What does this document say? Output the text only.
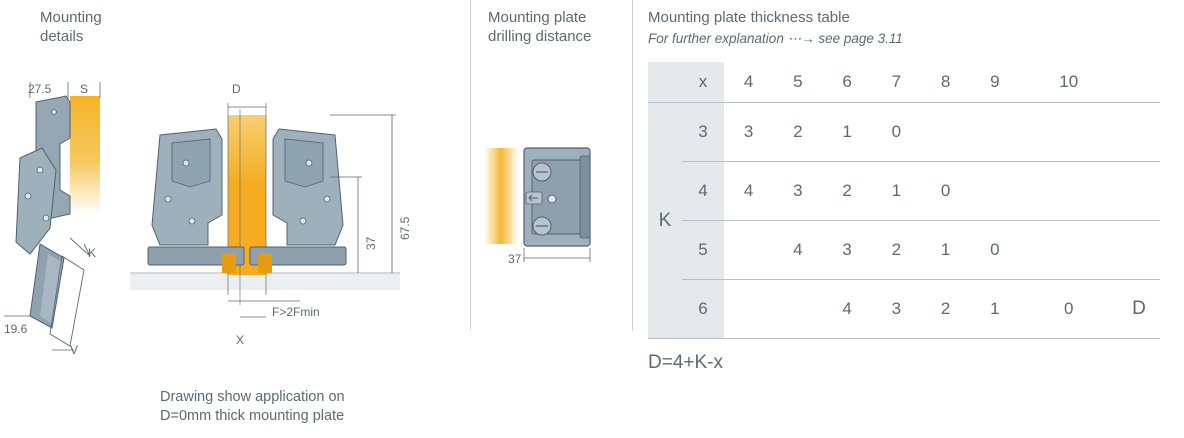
Mounting
details
Mounting plate
drilling distance
Mounting plate thickness table
For further explanation ⋯→ see page 3.11
27.5 S
K
V
19.6
D
67.5
37
F>2Fmin
X
37
Drawing show application on
D=0mm thick mounting plate
	x	4	5	6	7	8	9	10	
K	3	3	2	1	0				
	4	4	3	2	1	0			
	5		4	3	2	1	0		
	6			4	3	2	1	0	D
D=4+K-x
